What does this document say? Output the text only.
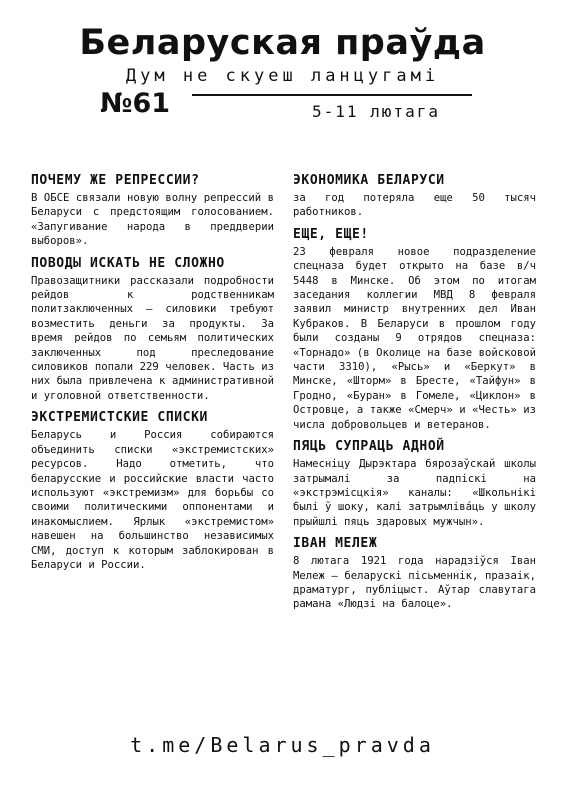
Беларуская праўда
Дум не скуеш ланцугамі
№61	5-11 лютага
ПОЧЕМУ ЖЕ РЕПРЕССИИ?

В ОБСЕ связали новую волну репрессий в Беларуси с предстоящим голосованием. «Запугивание народа в преддверии выборов».

ПОВОДЫ ИСКАТЬ НЕ СЛОЖНО

Правозащитники рассказали подробности рейдов к родственникам политзаключенных — силовики требуют возместить деньги за продукты. За время рейдов по семьям политических заключенных под преследование силовиков попали 229 человек. Часть из них была привлечена к административной и уголовной ответственности.

ЭКСТРЕМИСТСКИЕ СПИСКИ

Беларусь и Россия собираются объединить списки «экстремистских» ресурсов. Надо отметить, что беларусские и российские власти часто используют «экстремизм» для борьбы со своими политическими оппонентами и инакомыслием. Ярлык «экстремистом» навешен на большинство независимых СМИ, доступ к которым заблокирован в Беларуси и России.

ЭКОНОМИКА БЕЛАРУСИ

за год потеряла еще 50 тысяч работников.

ЕЩЕ, ЕЩЕ!

23 февраля новое подразделение спецназа будет открыто на базе в/ч 5448 в Минске. Об этом по итогам заседания коллегии МВД 8 февраля заявил министр внутренних дел Иван Кубраков. В Беларуси в прошлом году были созданы 9 отрядов спецназа: «Торнадо» (в Околице на базе войсковой части 3310), «Рысь» и «Беркут» в Минске, «Шторм» в Бресте, «Тайфун» в Гродно, «Буран» в Гомеле, «Циклон» в Островце, а также «Смерч» и «Честь» из числа добровольцев и ветеранов.

ПЯЦЬ СУПРАЦЬ АДНОЙ

Намесніцу Дырэктара бярозаўскай школы затрымалі за падпіскі на «экстрэмісцкія» каналы: «Школьнікі былі ў шоку, калі затрымлівáць у школу прыйшлі пяць здаровых мужчын».

ІВАН МЕЛЕЖ

8 лютага 1921 года нарадзіўся Іван Мележ – беларускі пісьменнік, празаік, драматург, публіцыст. Аўтар славутага рамана «Людзі на балоце».

t.me/Belarus_pravda
